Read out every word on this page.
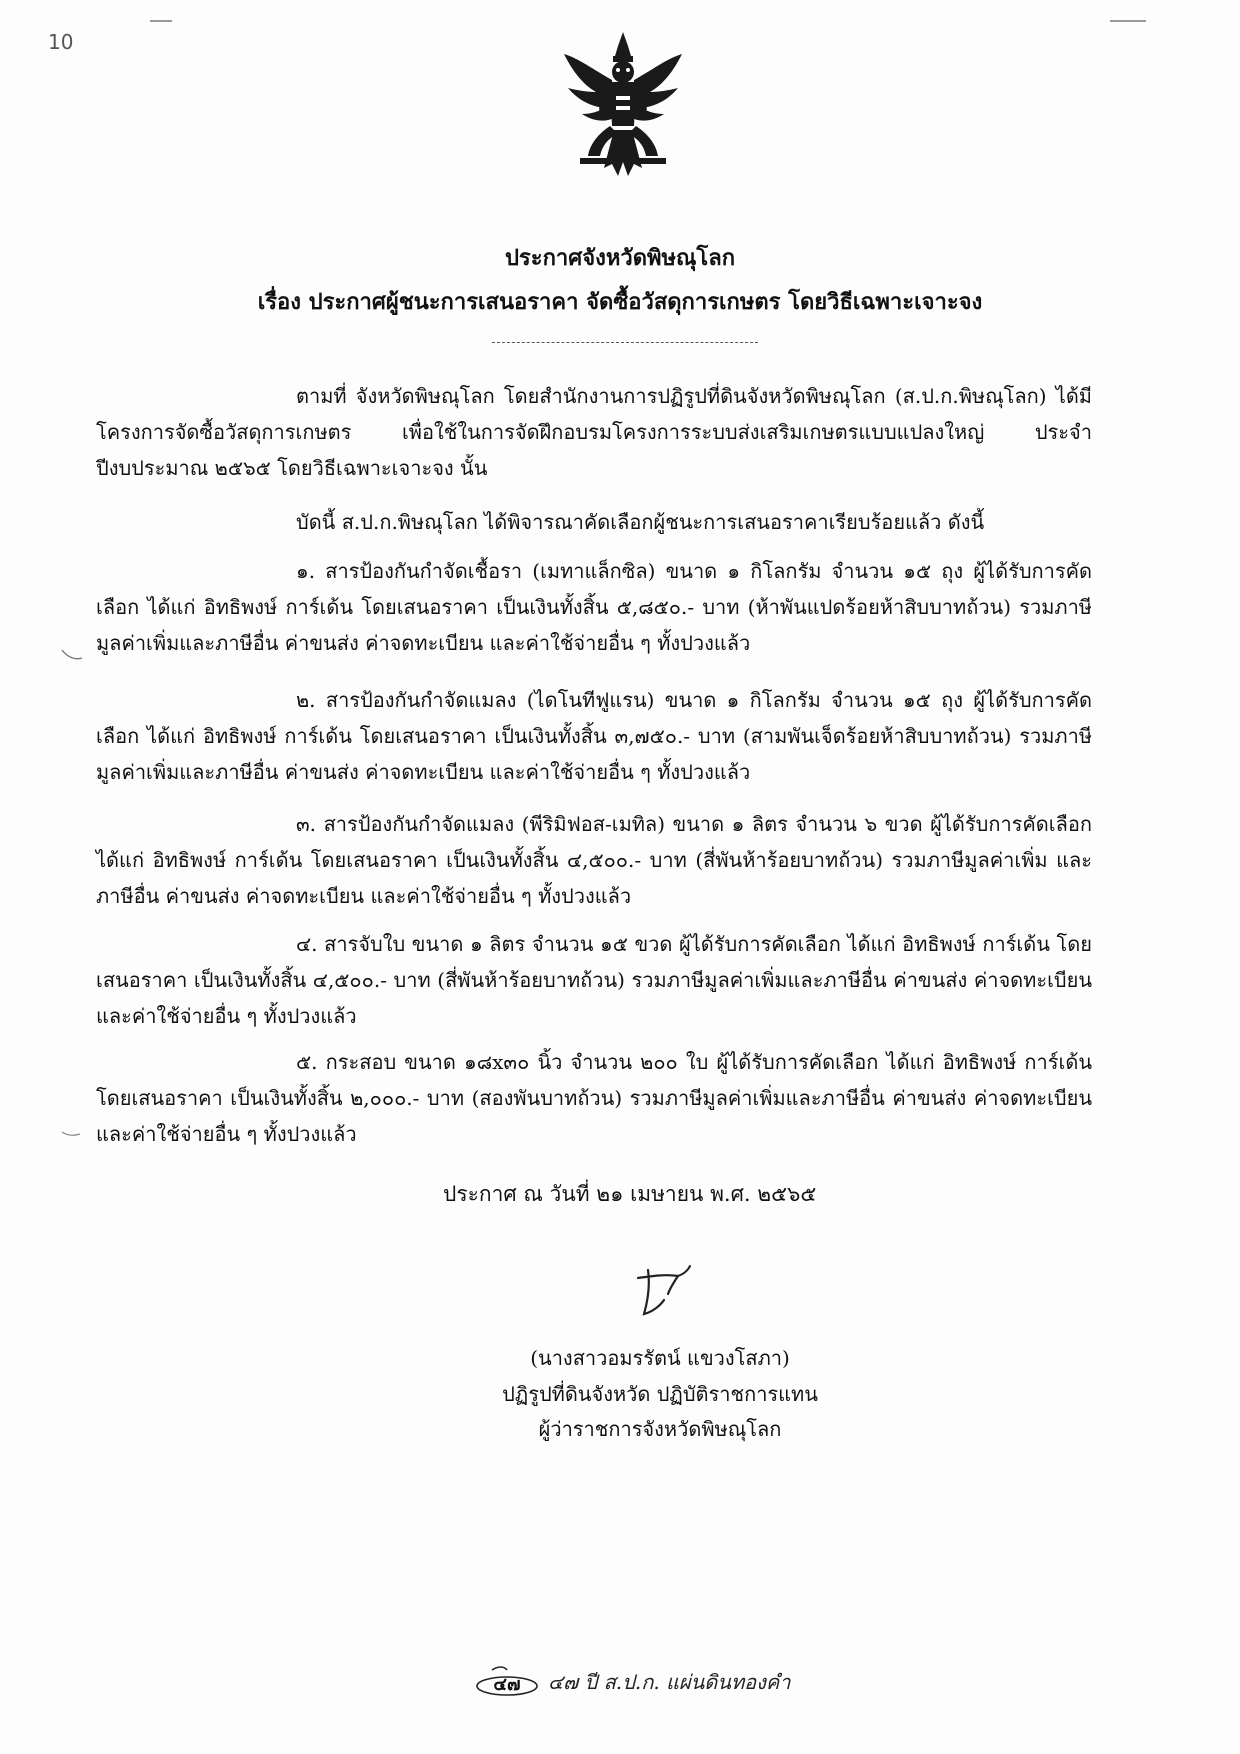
10
ประกาศจังหวัดพิษณุโลก
เรื่อง ประกาศผู้ชนะการเสนอราคา จัดซื้อวัสดุการเกษตร โดยวิธีเฉพาะเจาะจง

ตามที่ จังหวัดพิษณุโลก โดยสำนักงานการปฏิรูปที่ดินจังหวัดพิษณุโลก (ส.ป.ก.พิษณุโลก) ได้มีโครงการจัดซื้อวัสดุการเกษตร เพื่อใช้ในการจัดฝึกอบรมโครงการระบบส่งเสริมเกษตรแบบแปลงใหญ่ ประจำปีงบประมาณ ๒๕๖๕ โดยวิธีเฉพาะเจาะจง นั้น

บัดนี้ ส.ป.ก.พิษณุโลก ได้พิจารณาคัดเลือกผู้ชนะการเสนอราคาเรียบร้อยแล้ว ดังนี้

๑. สารป้องกันกำจัดเชื้อรา (เมทาแล็กซิล) ขนาด ๑ กิโลกรัม จำนวน ๑๕ ถุง ผู้ได้รับการคัดเลือก ได้แก่ อิทธิพงษ์ การ์เด้น โดยเสนอราคา เป็นเงินทั้งสิ้น ๕,๘๕๐.- บาท (ห้าพันแปดร้อยห้าสิบบาทถ้วน) รวมภาษีมูลค่าเพิ่มและภาษีอื่น ค่าขนส่ง ค่าจดทะเบียน และค่าใช้จ่ายอื่น ๆ ทั้งปวงแล้ว

๒. สารป้องกันกำจัดแมลง (ไดโนทีฟูแรน) ขนาด ๑ กิโลกรัม จำนวน ๑๕ ถุง ผู้ได้รับการคัดเลือก ได้แก่ อิทธิพงษ์ การ์เด้น โดยเสนอราคา เป็นเงินทั้งสิ้น ๓,๗๕๐.- บาท (สามพันเจ็ดร้อยห้าสิบบาทถ้วน) รวมภาษีมูลค่าเพิ่มและภาษีอื่น ค่าขนส่ง ค่าจดทะเบียน และค่าใช้จ่ายอื่น ๆ ทั้งปวงแล้ว

๓. สารป้องกันกำจัดแมลง (พีริมิฟอส-เมทิล) ขนาด ๑ ลิตร จำนวน ๖ ขวด ผู้ได้รับการคัดเลือก ได้แก่ อิทธิพงษ์ การ์เด้น โดยเสนอราคา เป็นเงินทั้งสิ้น ๔,๕๐๐.- บาท (สี่พันห้าร้อยบาทถ้วน) รวมภาษีมูลค่าเพิ่ม และภาษีอื่น ค่าขนส่ง ค่าจดทะเบียน และค่าใช้จ่ายอื่น ๆ ทั้งปวงแล้ว

๔. สารจับใบ ขนาด ๑ ลิตร จำนวน ๑๕ ขวด ผู้ได้รับการคัดเลือก ได้แก่ อิทธิพงษ์ การ์เด้น โดยเสนอราคา เป็นเงินทั้งสิ้น ๔,๕๐๐.- บาท (สี่พันห้าร้อยบาทถ้วน) รวมภาษีมูลค่าเพิ่มและภาษีอื่น ค่าขนส่ง ค่าจดทะเบียน และค่าใช้จ่ายอื่น ๆ ทั้งปวงแล้ว

๕. กระสอบ ขนาด ๑๘x๓๐ นิ้ว จำนวน ๒๐๐ ใบ ผู้ได้รับการคัดเลือก ได้แก่ อิทธิพงษ์ การ์เด้น โดยเสนอราคา เป็นเงินทั้งสิ้น ๒,๐๐๐.- บาท (สองพันบาทถ้วน) รวมภาษีมูลค่าเพิ่มและภาษีอื่น ค่าขนส่ง ค่าจดทะเบียน และค่าใช้จ่ายอื่น ๆ ทั้งปวงแล้ว

ประกาศ ณ วันที่ ๒๑ เมษายน พ.ศ. ๒๕๖๕
(นางสาวอมรรัตน์ แขวงโสภา)
ปฏิรูปที่ดินจังหวัด ปฏิบัติราชการแทน
ผู้ว่าราชการจังหวัดพิษณุโลก
๔๗ ๔๗ ปี ส.ป.ก. แผ่นดินทองคำ
